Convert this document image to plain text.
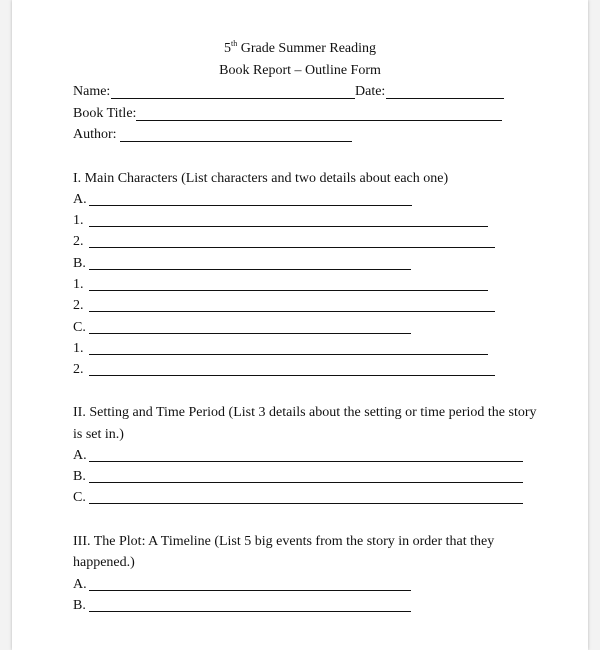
5th Grade Summer Reading
Book Report – Outline Form
Name:	Date:
Book Title:
Author:
I. Main Characters (List characters and two details about each one)
A.
1.
2.
B.
1.
2.
C.
1.
2.
II. Setting and Time Period (List 3 details about the setting or time period the story
is set in.)
A.
B.
C.
III. The Plot: A Timeline (List 5 big events from the story in order that they
happened.)
A.
B.
